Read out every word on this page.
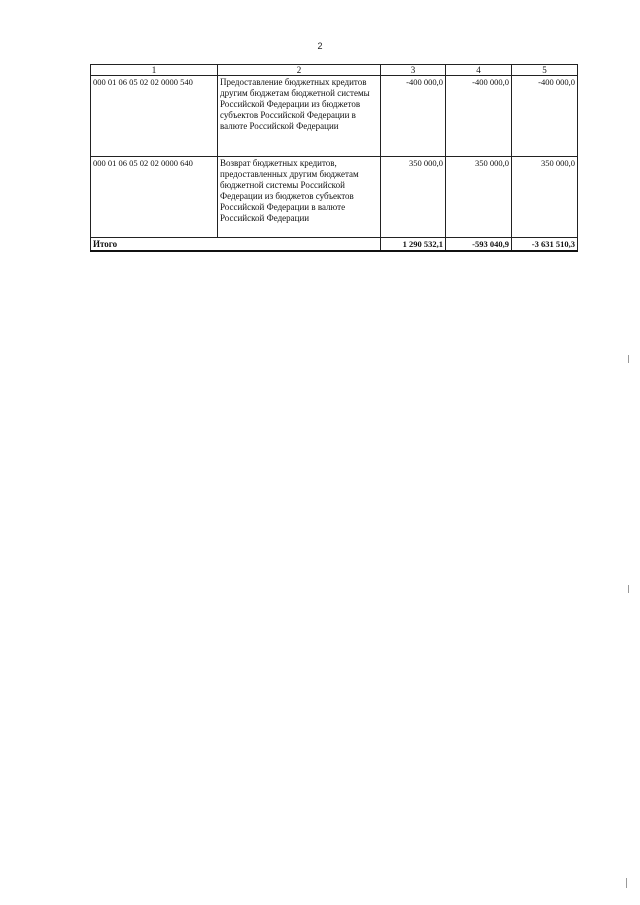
2
1	2	3	4	5
000 01 06 05 02 02 0000 540	Предоставление бюджетных кредитов другим бюджетам бюджетной системы Российской Федерации из бюджетов субъектов Российской Федерации в валюте Российской Федерации	-400 000,0	-400 000,0	-400 000,0
000 01 06 05 02 02 0000 640	Возврат бюджетных кредитов, предоставленных другим бюджетам бюджетной системы Российской Федерации из бюджетов субъектов Российской Федерации в валюте Российской Федерации	350 000,0	350 000,0	350 000,0
Итого		1 290 532,1	-593 040,9	-3 631 510,3
